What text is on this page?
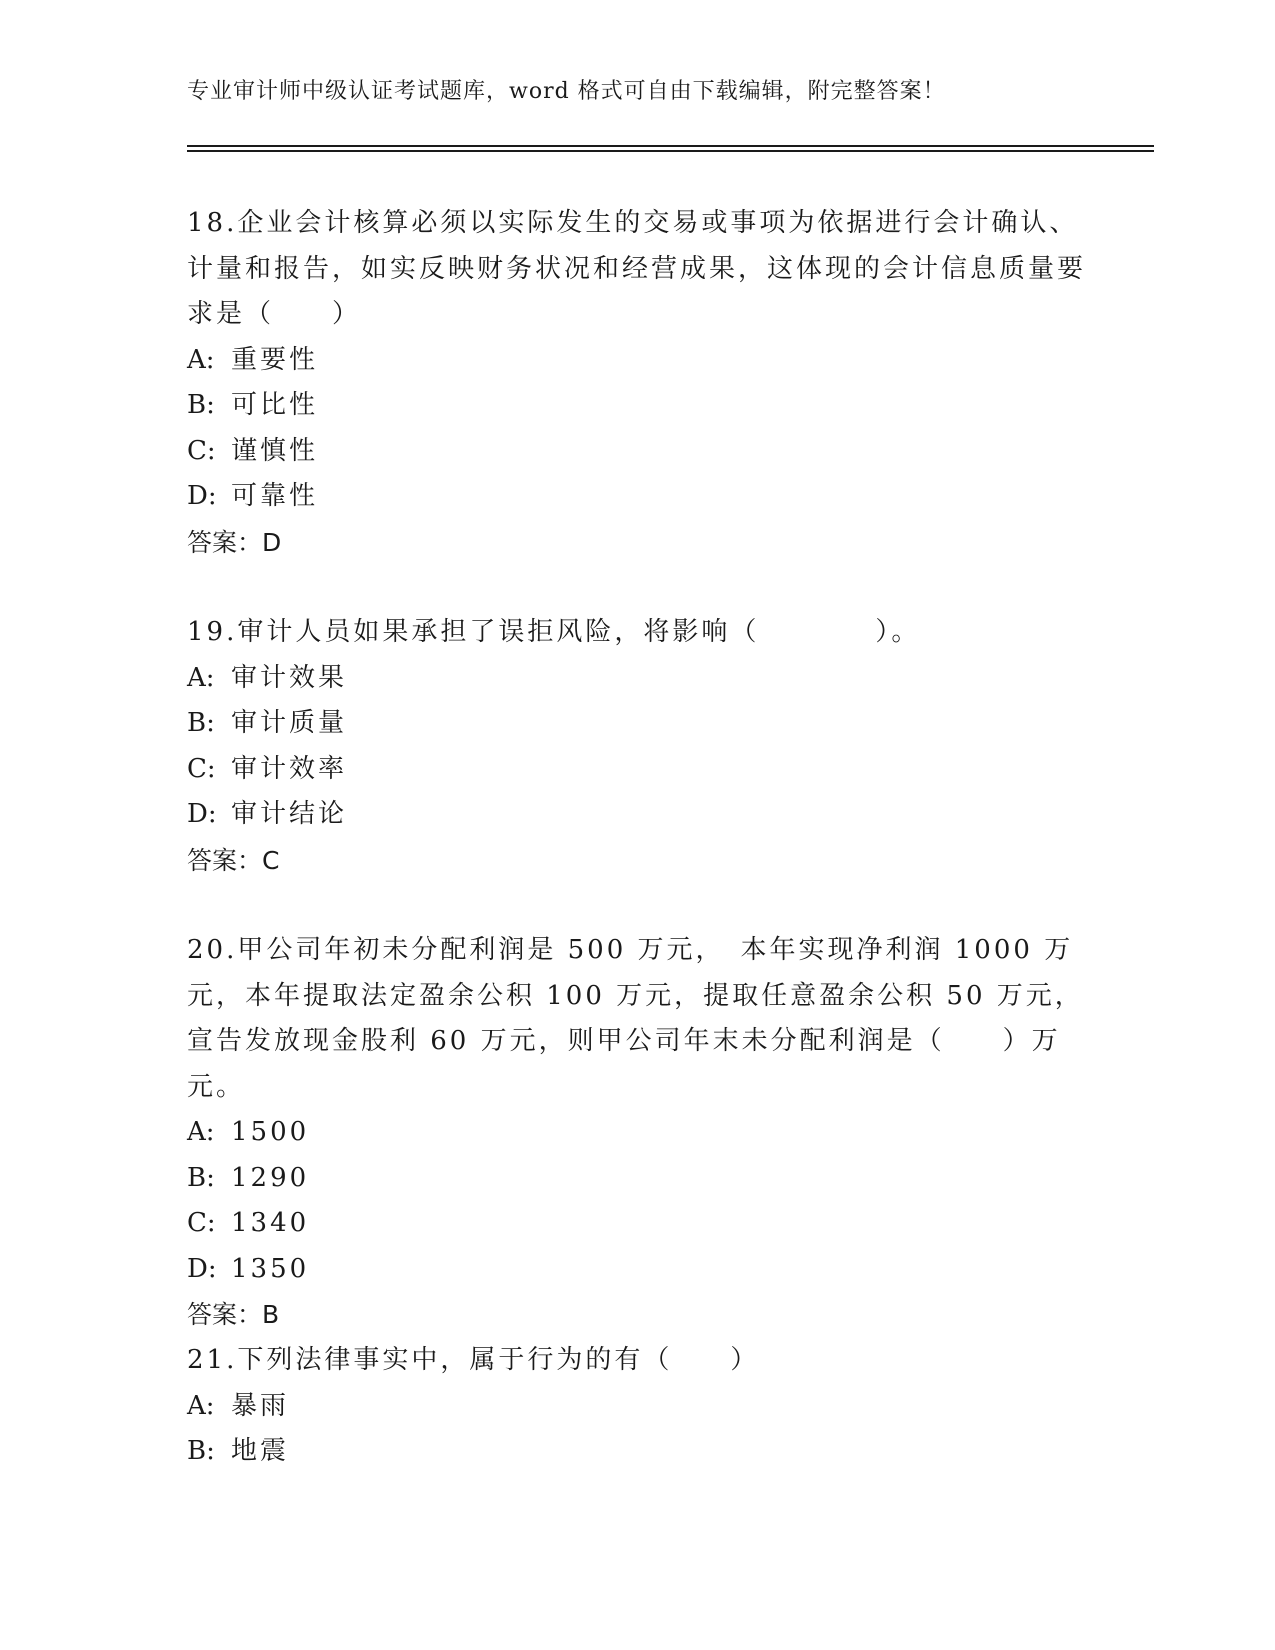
专业审计师中级认证考试题库，word 格式可自由下载编辑，附完整答案！

18.企业会计核算必须以实际发生的交易或事项为依据进行会计确认、计量和报告，如实反映财务状况和经营成果，这体现的会计信息质量要求是（　　）

A: 重要性
B: 可比性
C: 谨慎性
D: 可靠性
答案：D

19.审计人员如果承担了误拒风险，将影响（　　　　）。

A: 审计效果
B: 审计质量
C: 审计效率
D: 审计结论
答案：C

20.甲公司年初未分配利润是 500 万元，　本年实现净利润 1000 万元，本年提取法定盈余公积 100 万元，提取任意盈余公积 50 万元，宣告发放现金股利 60 万元，则甲公司年末未分配利润是（　　）万元。

A: 1500
B: 1290
C: 1340
D: 1350
答案：B

21.下列法律事实中，属于行为的有（　　）

A: 暴雨
B: 地震
